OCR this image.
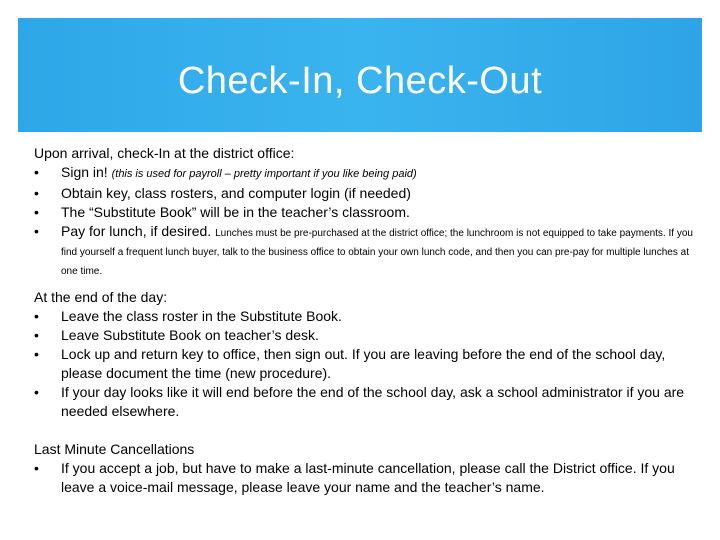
Check-In, Check-Out
Upon arrival, check-In at the district office:
• Sign in! (this is used for payroll – pretty important if you like being paid)
• Obtain key, class rosters, and computer login (if needed)
• The “Substitute Book” will be in the teacher’s classroom.
• Pay for lunch, if desired. Lunches must be pre-purchased at the district office; the lunchroom is not equipped to take payments. If you find yourself a frequent lunch buyer, talk to the business office to obtain your own lunch code, and then you can pre-pay for multiple lunches at one time.
At the end of the day:
• Leave the class roster in the Substitute Book.
• Leave Substitute Book on teacher’s desk.
• Lock up and return key to office, then sign out. If you are leaving before the end of the school day, please document the time (new procedure).
• If your day looks like it will end before the end of the school day, ask a school administrator if you are needed elsewhere.
Last Minute Cancellations
• If you accept a job, but have to make a last-minute cancellation, please call the District office. If you leave a voice-mail message, please leave your name and the teacher’s name.
